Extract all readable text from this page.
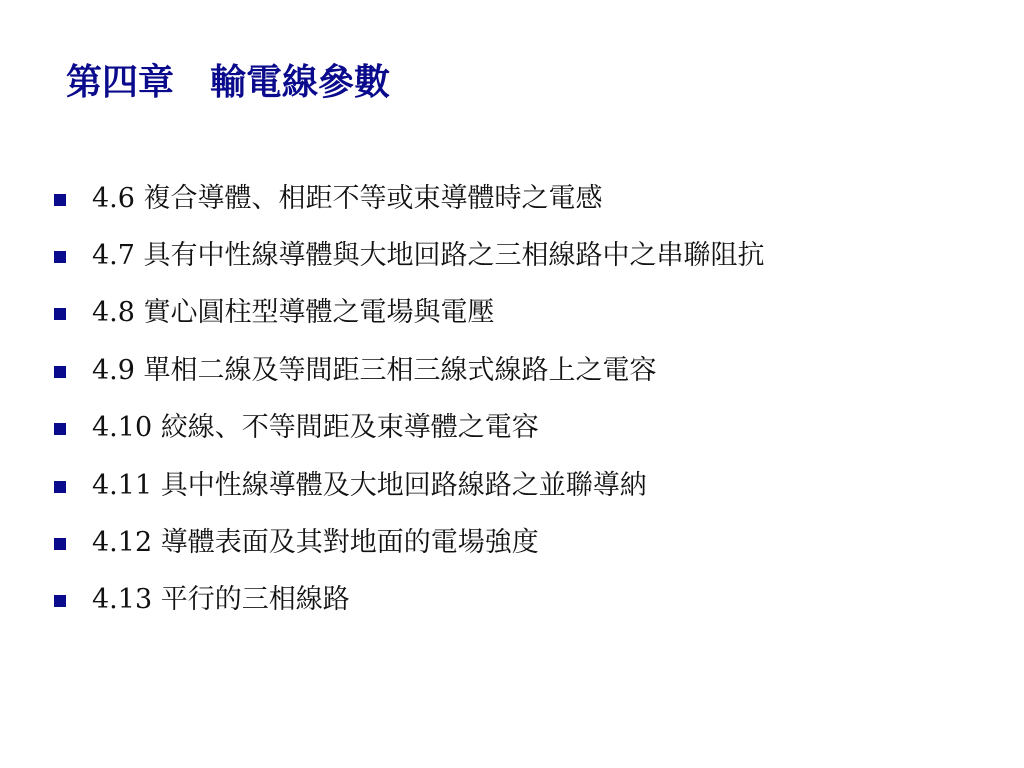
第四章　輸電線參數
4.6 複合導體、相距不等或束導體時之電感
4.7 具有中性線導體與大地回路之三相線路中之串聯阻抗
4.8 實心圓柱型導體之電場與電壓
4.9 單相二線及等間距三相三線式線路上之電容
4.10 絞線、不等間距及束導體之電容
4.11 具中性線導體及大地回路線路之並聯導納
4.12 導體表面及其對地面的電場強度
4.13 平行的三相線路
